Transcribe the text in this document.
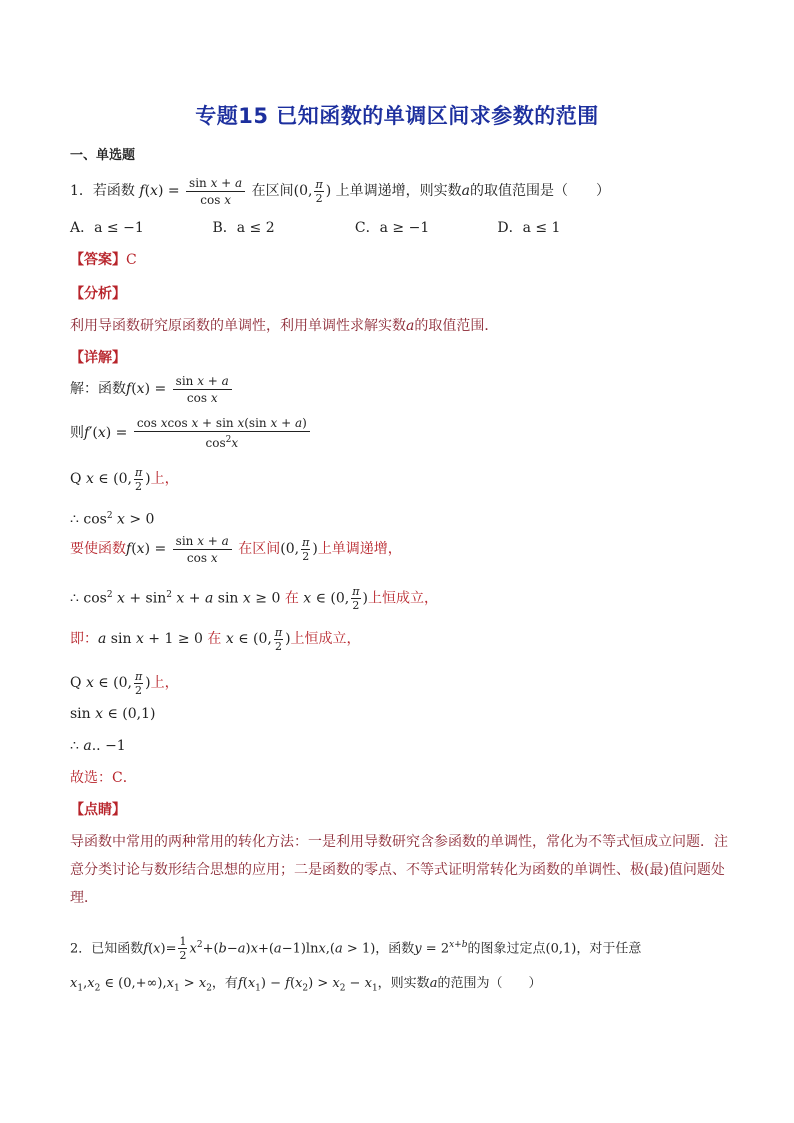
专题15 已知函数的单调区间求参数的范围
一、单选题
1．若函数 $f(x) = \frac{\text{sin x + a}}{\text{cos x}}$ 在区间(0, $\frac{\pi}{2}$ ) 上单调递增，则实数a的取值范围是（　　）
A．a ≤ −1	B．a ≤ 2	C．a ≥ −1	D．a ≤ 1
【答案】C
【分析】
利用导函数研究原函数的单调性，利用单调性求解实数a的取值范围．
【详解】
解：函数$f(x) = \frac{\text{sin x + a}}{\text{cos x}}$
则$f'(x) = \frac{\text{cos xcos x + sin x(sin x + a)}}{\cos^2x}$
Q x ∈ (0, $\frac{\pi}{2}$ )上，
∴ $\cos^2 x > 0$
要使函数$f(x) = \frac{\text{sin x + a}}{\text{cos x}}$ 在区间(0, $\frac{\pi}{2}$ )上单调递增，
∴ $\cos^2 x + \sin^2 x + a$ sin x ≥ 0 在 x ∈ (0, $\frac{\pi}{2}$ )上恒成立，
即：a sin x + 1 ≥ 0 在 x ∈ (0, $\frac{\pi}{2}$ )上恒成立，
Q x ∈ (0, $\frac{\pi}{2}$ )上，
sin x ∈ (0,1)
∴ a.. −1
故选：C．
【点睛】
导函数中常用的两种常用的转化方法：一是利用导数研究含参函数的单调性，常化为不等式恒成立问题．注意分类讨论与数形结合思想的应用；二是函数的零点、不等式证明常转化为函数的单调性、极(最)值问题处理．
2．已知函数$f(x)= \frac{1}{2} x^2+(b-a)x+(a-1)\ln x,(a > 1)$，函数$y = 2^{x+b}$的图象过定点(0,1)，对于任意
$x_1,x_2$ ∈ $(0,+\infty),x_1 > x_2$，有$f(x_1) - f(x_2) > x_2 - x_1$，则实数a的范围为（　　）
